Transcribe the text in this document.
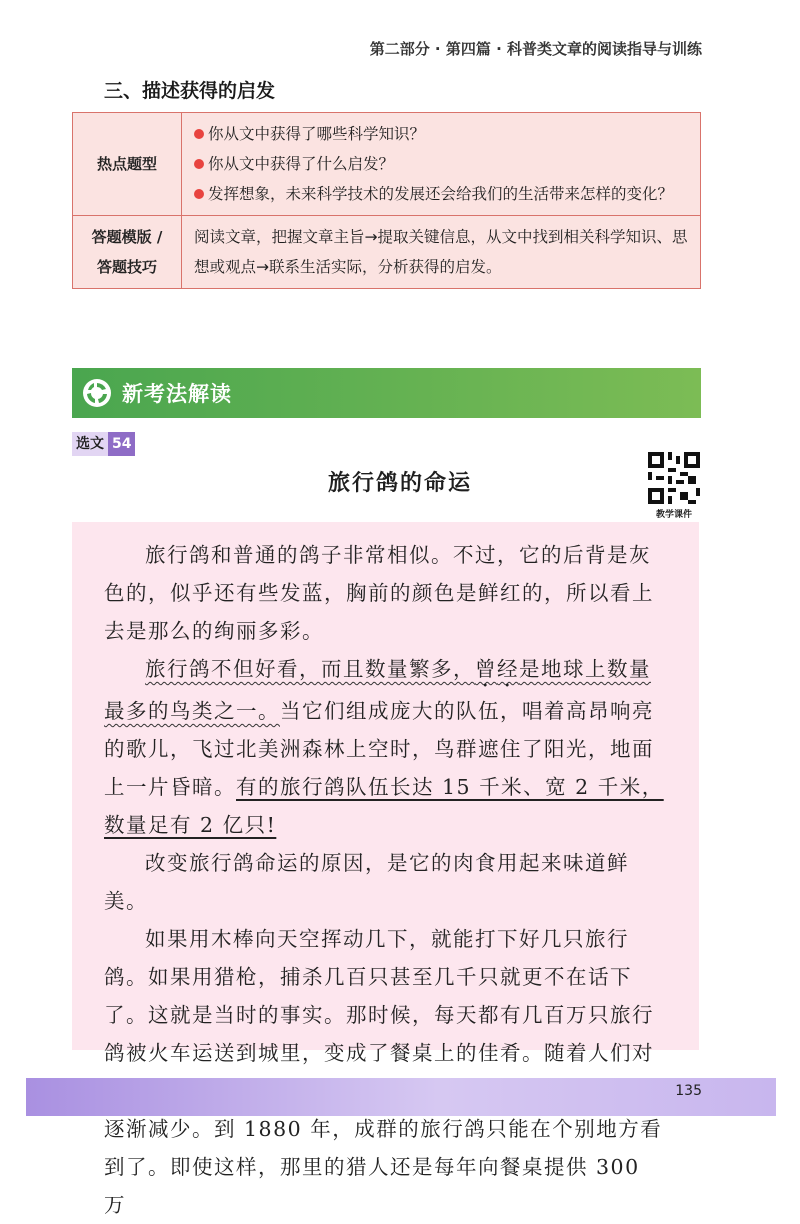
第二部分 · 第四篇 · 科普类文章的阅读指导与训练
三、描述获得的启发
热点题型
你从文中获得了哪些科学知识？
你从文中获得了什么启发？
发挥想象，未来科学技术的发展还会给我们的生活带来怎样的变化？
答题模版 /
答题技巧
阅读文章，把握文章主旨→提取关键信息，从文中找到相关科学知识、思想或观点→联系生活实际，分析获得的启发。
新考法解读
选文 54
旅行鸽的命运
教学课件

旅行鸽和普通的鸽子非常相似。不过，它的后背是灰色的，似乎还有些发蓝，胸前的颜色是鲜红的，所以看上去是那么的绚丽多彩。

旅行鸽不但好看，而且数量繁多，曾经是地球上数量最多的鸟类之一。当它们组成庞大的队伍，唱着高昂响亮的歌儿，飞过北美洲森林上空时，鸟群遮住了阳光，地面上一片昏暗。有的旅行鸽队伍长达 15 千米、宽 2 千米，数量足有 2 亿只!

改变旅行鸽命运的原因，是它的肉食用起来味道鲜美。

如果用木棒向天空挥动几下，就能打下好几只旅行鸽。如果用猎枪，捕杀几百只甚至几千只就更不在话下了。这就是当时的事实。那时候，每天都有几百万只旅行鸽被火车运送到城里，变成了餐桌上的佳肴。随着人们对 逐渐减少。到 1880 年，成群的旅行鸽只能在个别地方看到了。即使这样，那里的猎人还是每年向餐桌提供 300 万

135
